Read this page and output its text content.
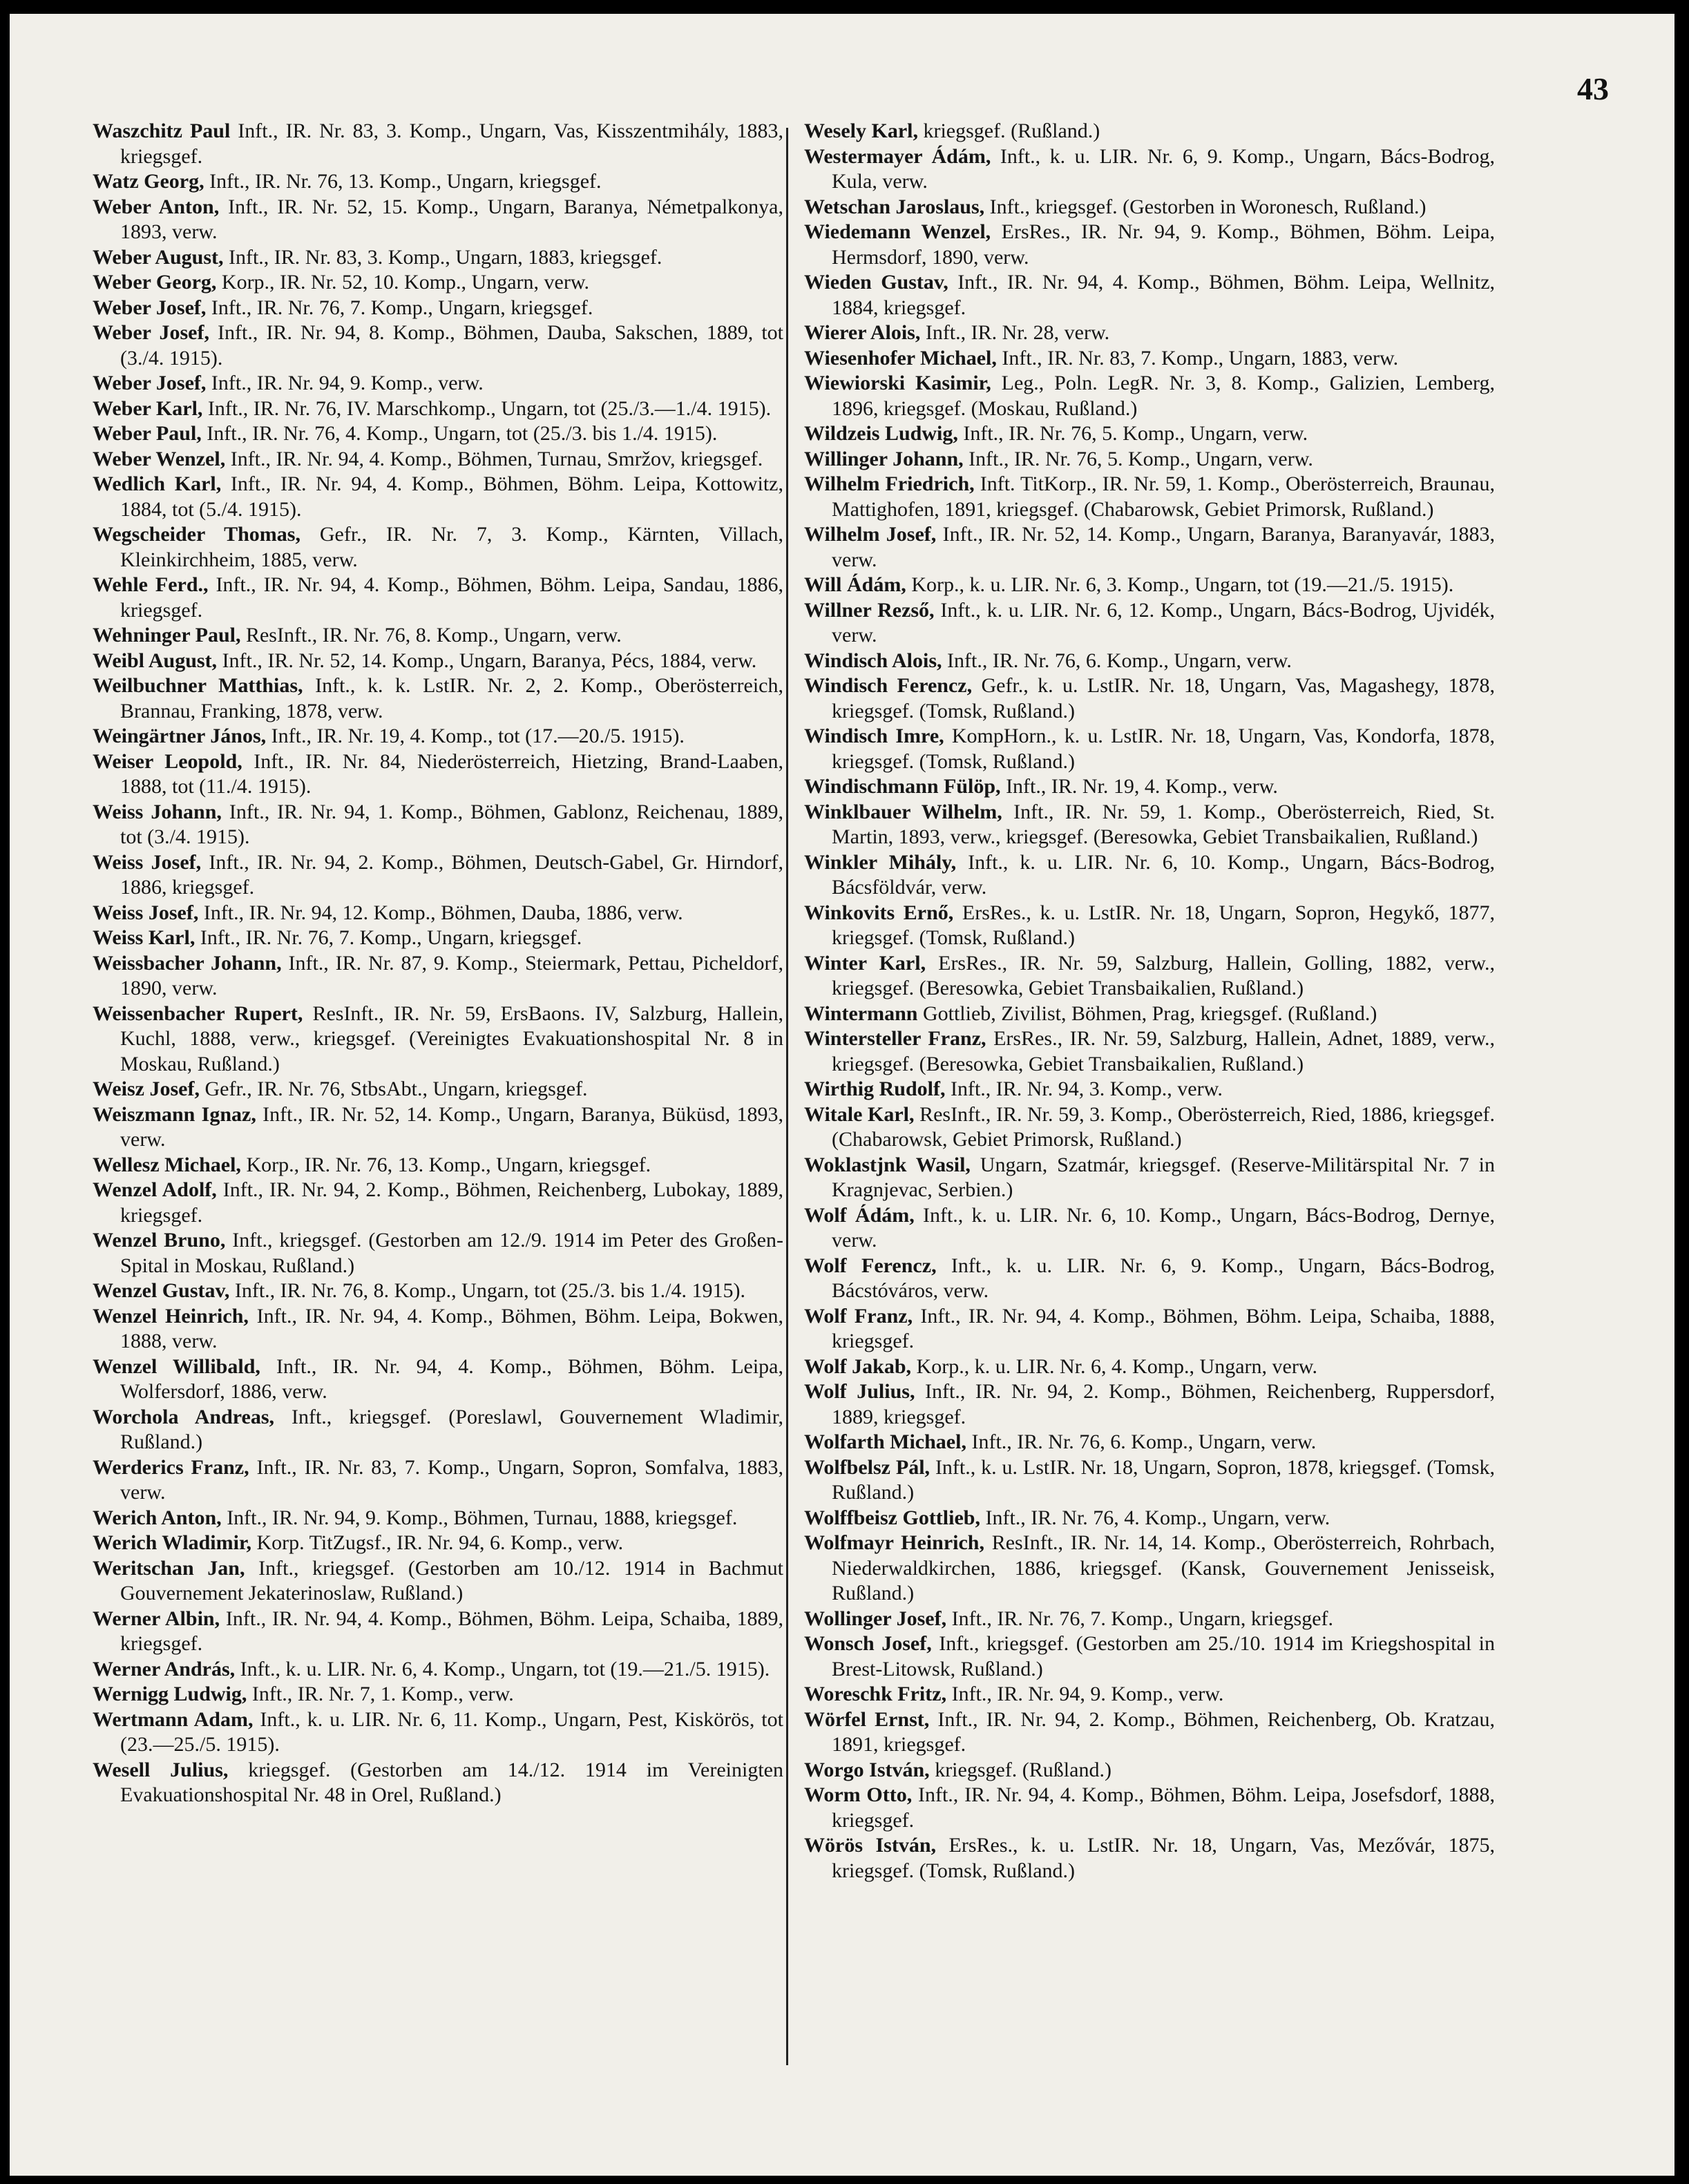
43
Waszchitz Paul Inft., IR. Nr. 83, 3. Komp., Ungarn, Vas, Kisszentmihály, 1883, kriegsgef.
Watz Georg, Inft., IR. Nr. 76, 13. Komp., Ungarn, kriegsgef.
Weber Anton, Inft., IR. Nr. 52, 15. Komp., Ungarn, Baranya, Németpalkonya, 1893, verw.
Weber August, Inft., IR. Nr. 83, 3. Komp., Ungarn, 1883, kriegsgef.
Weber Georg, Korp., IR. Nr. 52, 10. Komp., Ungarn, verw.
Weber Josef, Inft., IR. Nr. 76, 7. Komp., Ungarn, kriegsgef.
Weber Josef, Inft., IR. Nr. 94, 8. Komp., Böhmen, Dauba, Sakschen, 1889, tot (3./4. 1915).
Weber Josef, Inft., IR. Nr. 94, 9. Komp., verw.
Weber Karl, Inft., IR. Nr. 76, IV. Marschkomp., Ungarn, tot (25./3.—1./4. 1915).
Weber Paul, Inft., IR. Nr. 76, 4. Komp., Ungarn, tot (25./3. bis 1./4. 1915).
Weber Wenzel, Inft., IR. Nr. 94, 4. Komp., Böhmen, Turnau, Smržov, kriegsgef.
Wedlich Karl, Inft., IR. Nr. 94, 4. Komp., Böhmen, Böhm. Leipa, Kottowitz, 1884, tot (5./4. 1915).
Wegscheider Thomas, Gefr., IR. Nr. 7, 3. Komp., Kärnten, Villach, Kleinkirchheim, 1885, verw.
Wehle Ferd., Inft., IR. Nr. 94, 4. Komp., Böhmen, Böhm. Leipa, Sandau, 1886, kriegsgef.
Wehninger Paul, ResInft., IR. Nr. 76, 8. Komp., Ungarn, verw.
Weibl August, Inft., IR. Nr. 52, 14. Komp., Ungarn, Baranya, Pécs, 1884, verw.
Weilbuchner Matthias, Inft., k. k. LstIR. Nr. 2, 2. Komp., Oberösterreich, Brannau, Franking, 1878, verw.
Weingärtner János, Inft., IR. Nr. 19, 4. Komp., tot (17.—20./5. 1915).
Weiser Leopold, Inft., IR. Nr. 84, Niederösterreich, Hietzing, Brand-Laaben, 1888, tot (11./4. 1915).
Weiss Johann, Inft., IR. Nr. 94, 1. Komp., Böhmen, Gablonz, Reichenau, 1889, tot (3./4. 1915).
Weiss Josef, Inft., IR. Nr. 94, 2. Komp., Böhmen, Deutsch-Gabel, Gr. Hirndorf, 1886, kriegsgef.
Weiss Josef, Inft., IR. Nr. 94, 12. Komp., Böhmen, Dauba, 1886, verw.
Weiss Karl, Inft., IR. Nr. 76, 7. Komp., Ungarn, kriegsgef.
Weissbacher Johann, Inft., IR. Nr. 87, 9. Komp., Steiermark, Pettau, Picheldorf, 1890, verw.
Weissenbacher Rupert, ResInft., IR. Nr. 59, ErsBaons. IV, Salzburg, Hallein, Kuchl, 1888, verw., kriegsgef. (Vereinigtes Evakuationshospital Nr. 8 in Moskau, Rußland.)
Weisz Josef, Gefr., IR. Nr. 76, StbsAbt., Ungarn, kriegsgef.
Weiszmann Ignaz, Inft., IR. Nr. 52, 14. Komp., Ungarn, Baranya, Büküsd, 1893, verw.
Wellesz Michael, Korp., IR. Nr. 76, 13. Komp., Ungarn, kriegsgef.
Wenzel Adolf, Inft., IR. Nr. 94, 2. Komp., Böhmen, Reichenberg, Lubokay, 1889, kriegsgef.
Wenzel Bruno, Inft., kriegsgef. (Gestorben am 12./9. 1914 im Peter des Großen-Spital in Moskau, Rußland.)
Wenzel Gustav, Inft., IR. Nr. 76, 8. Komp., Ungarn, tot (25./3. bis 1./4. 1915).
Wenzel Heinrich, Inft., IR. Nr. 94, 4. Komp., Böhmen, Böhm. Leipa, Bokwen, 1888, verw.
Wenzel Willibald, Inft., IR. Nr. 94, 4. Komp., Böhmen, Böhm. Leipa, Wolfersdorf, 1886, verw.
Worchola Andreas, Inft., kriegsgef. (Poreslawl, Gouvernement Wladimir, Rußland.)
Werderics Franz, Inft., IR. Nr. 83, 7. Komp., Ungarn, Sopron, Somfalva, 1883, verw.
Werich Anton, Inft., IR. Nr. 94, 9. Komp., Böhmen, Turnau, 1888, kriegsgef.
Werich Wladimir, Korp. TitZugsf., IR. Nr. 94, 6. Komp., verw.
Weritschan Jan, Inft., kriegsgef. (Gestorben am 10./12. 1914 in Bachmut Gouvernement Jekaterinoslaw, Rußland.)
Werner Albin, Inft., IR. Nr. 94, 4. Komp., Böhmen, Böhm. Leipa, Schaiba, 1889, kriegsgef.
Werner András, Inft., k. u. LIR. Nr. 6, 4. Komp., Ungarn, tot (19.—21./5. 1915).
Wernigg Ludwig, Inft., IR. Nr. 7, 1. Komp., verw.
Wertmann Adam, Inft., k. u. LIR. Nr. 6, 11. Komp., Ungarn, Pest, Kiskörös, tot (23.—25./5. 1915).
Wesell Julius, kriegsgef. (Gestorben am 14./12. 1914 im Vereinigten Evakuationshospital Nr. 48 in Orel, Rußland.)
Wesely Karl, kriegsgef. (Rußland.)
Westermayer Ádám, Inft., k. u. LIR. Nr. 6, 9. Komp., Ungarn, Bács-Bodrog, Kula, verw.
Wetschan Jaroslaus, Inft., kriegsgef. (Gestorben in Woronesch, Rußland.)
Wiedemann Wenzel, ErsRes., IR. Nr. 94, 9. Komp., Böhmen, Böhm. Leipa, Hermsdorf, 1890, verw.
Wieden Gustav, Inft., IR. Nr. 94, 4. Komp., Böhmen, Böhm. Leipa, Wellnitz, 1884, kriegsgef.
Wierer Alois, Inft., IR. Nr. 28, verw.
Wiesenhofer Michael, Inft., IR. Nr. 83, 7. Komp., Ungarn, 1883, verw.
Wiewiorski Kasimir, Leg., Poln. LegR. Nr. 3, 8. Komp., Galizien, Lemberg, 1896, kriegsgef. (Moskau, Rußland.)
Wildzeis Ludwig, Inft., IR. Nr. 76, 5. Komp., Ungarn, verw.
Willinger Johann, Inft., IR. Nr. 76, 5. Komp., Ungarn, verw.
Wilhelm Friedrich, Inft. TitKorp., IR. Nr. 59, 1. Komp., Oberösterreich, Braunau, Mattighofen, 1891, kriegsgef. (Chabarowsk, Gebiet Primorsk, Rußland.)
Wilhelm Josef, Inft., IR. Nr. 52, 14. Komp., Ungarn, Baranya, Baranyavár, 1883, verw.
Will Ádám, Korp., k. u. LIR. Nr. 6, 3. Komp., Ungarn, tot (19.—21./5. 1915).
Willner Rezső, Inft., k. u. LIR. Nr. 6, 12. Komp., Ungarn, Bács-Bodrog, Ujvidék, verw.
Windisch Alois, Inft., IR. Nr. 76, 6. Komp., Ungarn, verw.
Windisch Ferencz, Gefr., k. u. LstIR. Nr. 18, Ungarn, Vas, Magashegy, 1878, kriegsgef. (Tomsk, Rußland.)
Windisch Imre, KompHorn., k. u. LstIR. Nr. 18, Ungarn, Vas, Kondorfa, 1878, kriegsgef. (Tomsk, Rußland.)
Windischmann Fülöp, Inft., IR. Nr. 19, 4. Komp., verw.
Winklbauer Wilhelm, Inft., IR. Nr. 59, 1. Komp., Oberösterreich, Ried, St. Martin, 1893, verw., kriegsgef. (Beresowka, Gebiet Transbaikalien, Rußland.)
Winkler Mihály, Inft., k. u. LIR. Nr. 6, 10. Komp., Ungarn, Bács-Bodrog, Bácsföldvár, verw.
Winkovits Ernő, ErsRes., k. u. LstIR. Nr. 18, Ungarn, Sopron, Hegykő, 1877, kriegsgef. (Tomsk, Rußland.)
Winter Karl, ErsRes., IR. Nr. 59, Salzburg, Hallein, Golling, 1882, verw., kriegsgef. (Beresowka, Gebiet Transbaikalien, Rußland.)
Wintermann Gottlieb, Zivilist, Böhmen, Prag, kriegsgef. (Rußland.)
Wintersteller Franz, ErsRes., IR. Nr. 59, Salzburg, Hallein, Adnet, 1889, verw., kriegsgef. (Beresowka, Gebiet Transbaikalien, Rußland.)
Wirthig Rudolf, Inft., IR. Nr. 94, 3. Komp., verw.
Witale Karl, ResInft., IR. Nr. 59, 3. Komp., Oberösterreich, Ried, 1886, kriegsgef. (Chabarowsk, Gebiet Primorsk, Rußland.)
Woklastjnk Wasil, Ungarn, Szatmár, kriegsgef. (Reserve-Militärspital Nr. 7 in Kragnjevac, Serbien.)
Wolf Ádám, Inft., k. u. LIR. Nr. 6, 10. Komp., Ungarn, Bács-Bodrog, Dernye, verw.
Wolf Ferencz, Inft., k. u. LIR. Nr. 6, 9. Komp., Ungarn, Bács-Bodrog, Bácstóváros, verw.
Wolf Franz, Inft., IR. Nr. 94, 4. Komp., Böhmen, Böhm. Leipa, Schaiba, 1888, kriegsgef.
Wolf Jakab, Korp., k. u. LIR. Nr. 6, 4. Komp., Ungarn, verw.
Wolf Julius, Inft., IR. Nr. 94, 2. Komp., Böhmen, Reichenberg, Ruppersdorf, 1889, kriegsgef.
Wolfarth Michael, Inft., IR. Nr. 76, 6. Komp., Ungarn, verw.
Wolfbelsz Pál, Inft., k. u. LstIR. Nr. 18, Ungarn, Sopron, 1878, kriegsgef. (Tomsk, Rußland.)
Wolffbeisz Gottlieb, Inft., IR. Nr. 76, 4. Komp., Ungarn, verw.
Wolfmayr Heinrich, ResInft., IR. Nr. 14, 14. Komp., Oberösterreich, Rohrbach, Niederwaldkirchen, 1886, kriegsgef. (Kansk, Gouvernement Jenisseisk, Rußland.)
Wollinger Josef, Inft., IR. Nr. 76, 7. Komp., Ungarn, kriegsgef.
Wonsch Josef, Inft., kriegsgef. (Gestorben am 25./10. 1914 im Kriegshospital in Brest-Litowsk, Rußland.)
Woreschk Fritz, Inft., IR. Nr. 94, 9. Komp., verw.
Wörfel Ernst, Inft., IR. Nr. 94, 2. Komp., Böhmen, Reichenberg, Ob. Kratzau, 1891, kriegsgef.
Worgo István, kriegsgef. (Rußland.)
Worm Otto, Inft., IR. Nr. 94, 4. Komp., Böhmen, Böhm. Leipa, Josefsdorf, 1888, kriegsgef.
Wörös István, ErsRes., k. u. LstIR. Nr. 18, Ungarn, Vas, Mezővár, 1875, kriegsgef. (Tomsk, Rußland.)
